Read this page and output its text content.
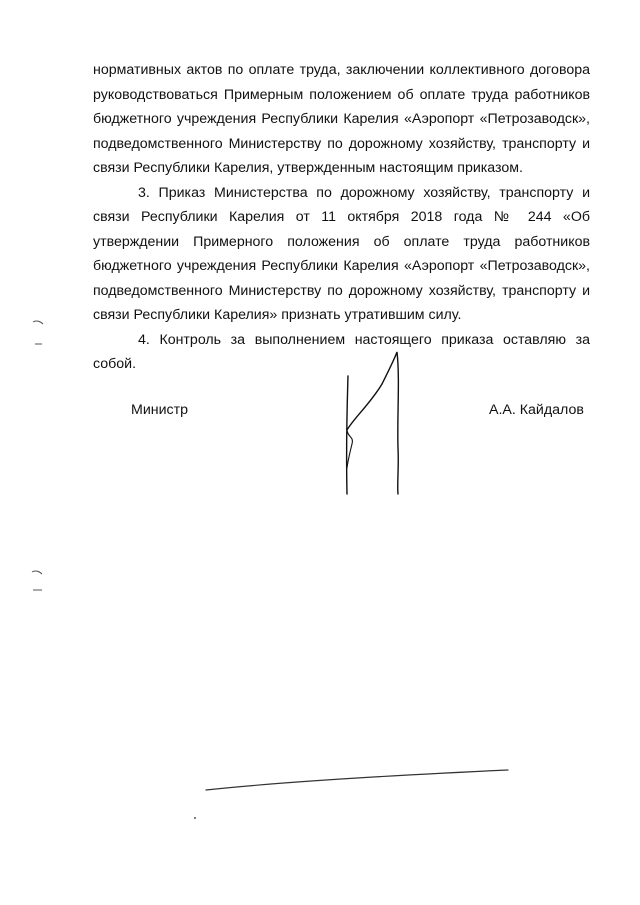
нормативных актов по оплате труда, заключении коллективного договора руководствоваться Примерным положением об оплате труда работников бюджетного учреждения Республики Карелия «Аэропорт «Петрозаводск», подведомственного Министерству по дорожному хозяйству, транспорту и связи Республики Карелия, утвержденным настоящим приказом.

3. Приказ Министерства по дорожному хозяйству, транспорту и связи Республики Карелия от 11 октября 2018 года № 244 «Об утверждении Примерного положения об оплате труда работников бюджетного учреждения Республики Карелия «Аэропорт «Петрозаводск», подведомственного Министерству по дорожному хозяйству, транспорту и связи Республики Карелия» признать утратившим силу.

4. Контроль за выполнением настоящего приказа оставляю за собой.

Министр	А.А. Кайдалов
